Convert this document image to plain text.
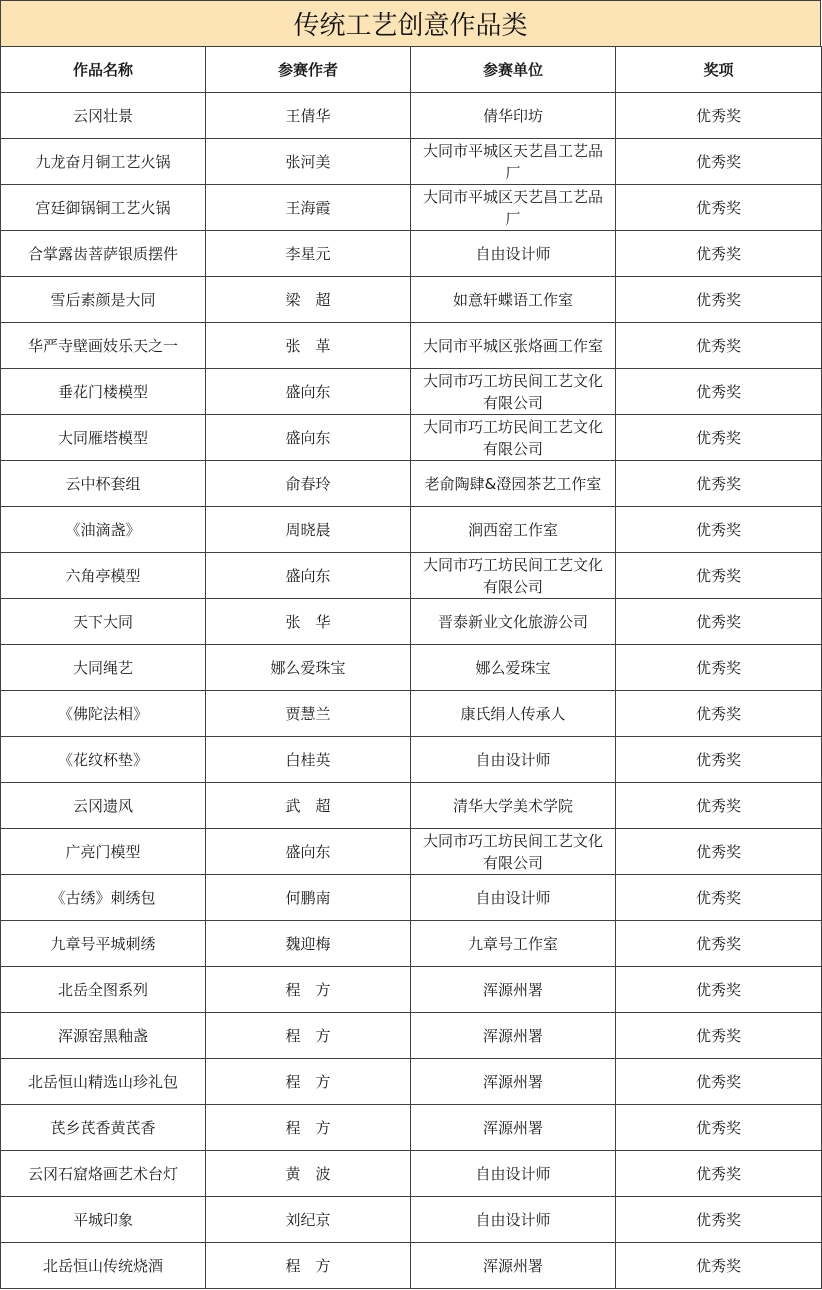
传统工艺创意作品类
作品名称	参赛作者	参赛单位	奖项
云冈壮景	王倩华	倩华印坊	优秀奖
九龙奋月铜工艺火锅	张河美	大同市平城区天艺昌工艺品厂	优秀奖
宫廷御锅铜工艺火锅	王海霞	大同市平城区天艺昌工艺品厂	优秀奖
合掌露齿菩萨银质摆件	李星元	自由设计师	优秀奖
雪后素颜是大同	梁　超	如意轩蝶语工作室	优秀奖
华严寺壁画妓乐天之一	张　革	大同市平城区张烙画工作室	优秀奖
垂花门楼模型	盛向东	大同市巧工坊民间工艺文化有限公司	优秀奖
大同雁塔模型	盛向东	大同市巧工坊民间工艺文化有限公司	优秀奖
云中杯套组	俞春玲	老俞陶肆&澄园茶艺工作室	优秀奖
《油滴盏》	周晓晨	涧西窑工作室	优秀奖
六角亭模型	盛向东	大同市巧工坊民间工艺文化有限公司	优秀奖
天下大同	张　华	晋泰新业文化旅游公司	优秀奖
大同绳艺	娜么爱珠宝	娜么爱珠宝	优秀奖
《佛陀法相》	贾慧兰	康氏绢人传承人	优秀奖
《花纹杯垫》	白桂英	自由设计师	优秀奖
云冈遗风	武　超	清华大学美术学院	优秀奖
广亮门模型	盛向东	大同市巧工坊民间工艺文化有限公司	优秀奖
《古绣》刺绣包	何鹏南	自由设计师	优秀奖
九章号平城刺绣	魏迎梅	九章号工作室	优秀奖
北岳全图系列	程　方	浑源州署	优秀奖
浑源窑黑釉盏	程　方	浑源州署	优秀奖
北岳恒山精选山珍礼包	程　方	浑源州署	优秀奖
芪乡芪香黄芪香	程　方	浑源州署	优秀奖
云冈石窟烙画艺术台灯	黄　波	自由设计师	优秀奖
平城印象	刘纪京	自由设计师	优秀奖
北岳恒山传统烧酒	程　方	浑源州署	优秀奖
